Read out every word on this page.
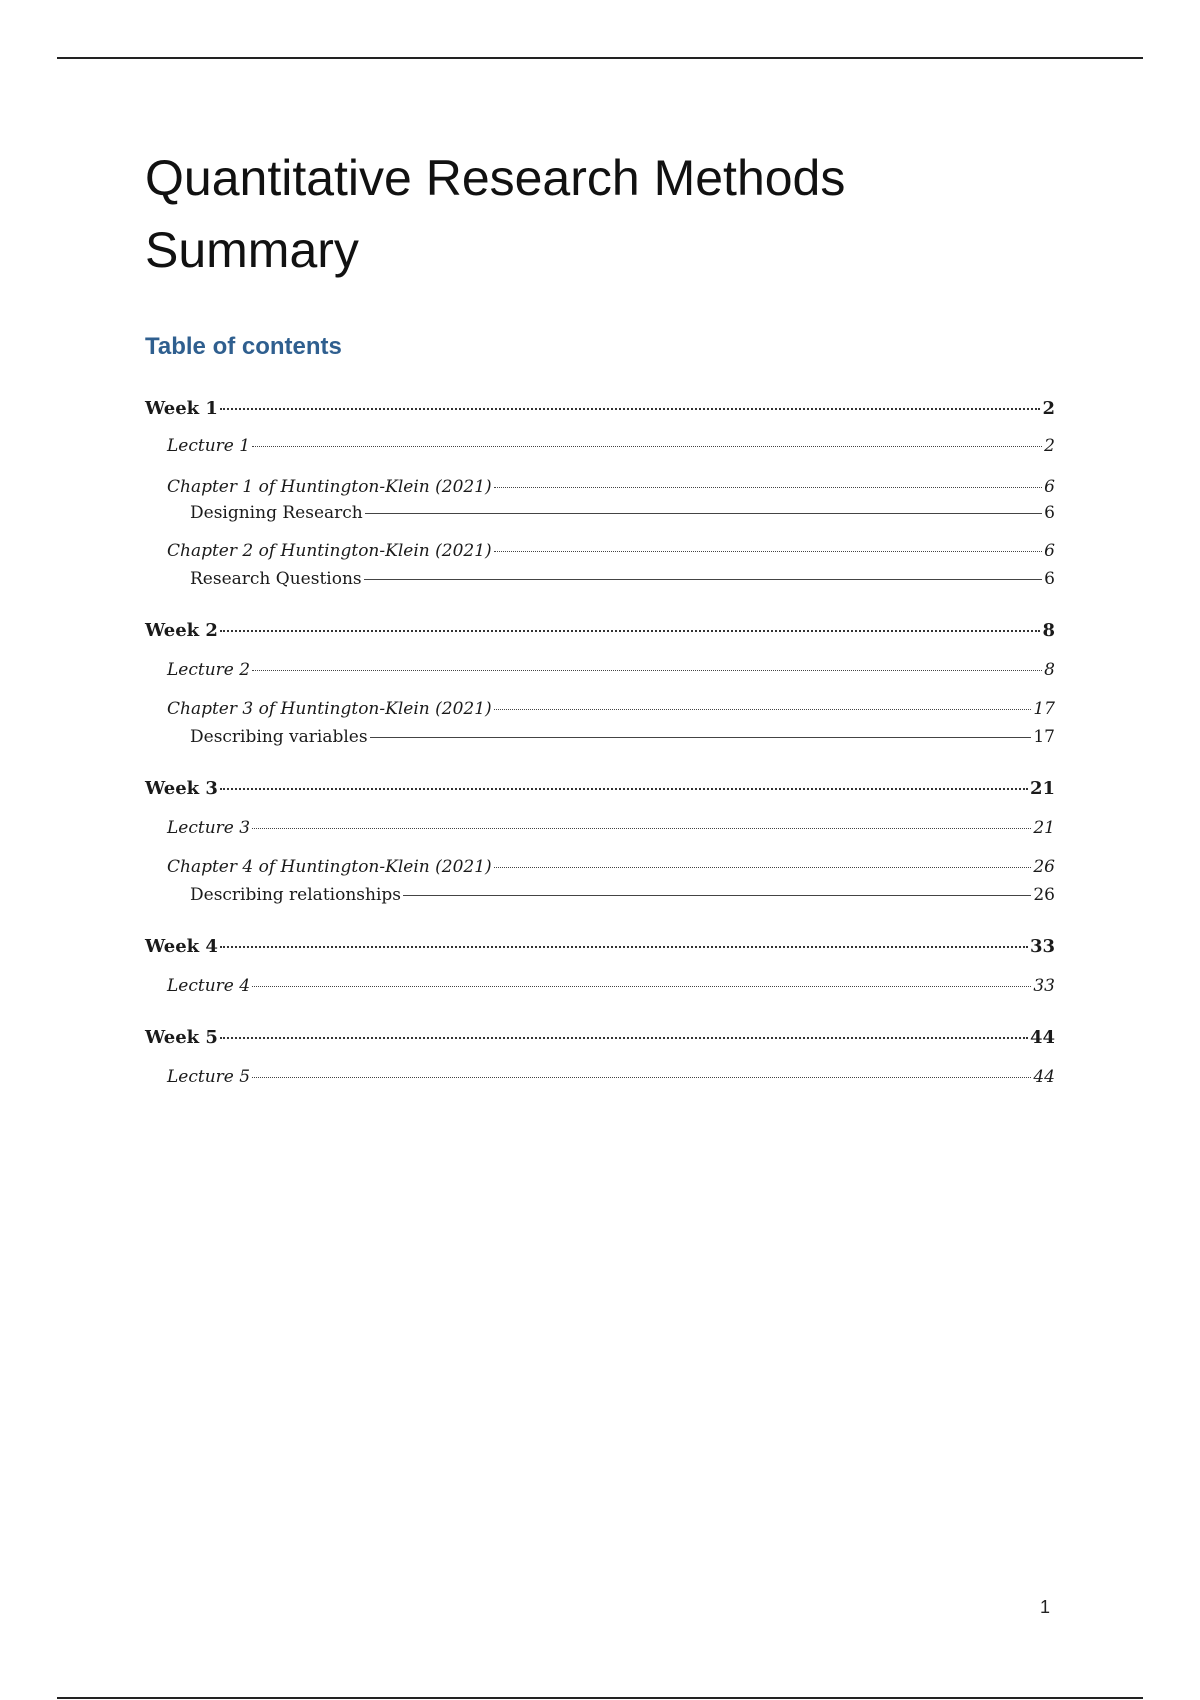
Quantitative Research Methods
Summary
Table of contents
Week 1	2
Lecture 1	2
Chapter 1 of Huntington-Klein (2021)	6
Designing Research	6
Chapter 2 of Huntington-Klein (2021)	6
Research Questions	6
Week 2	8
Lecture 2	8
Chapter 3 of Huntington-Klein (2021)	17
Describing variables	17
Week 3	21
Lecture 3	21
Chapter 4 of Huntington-Klein (2021)	26
Describing relationships	26
Week 4	33
Lecture 4	33
Week 5	44
Lecture 5	44
1
